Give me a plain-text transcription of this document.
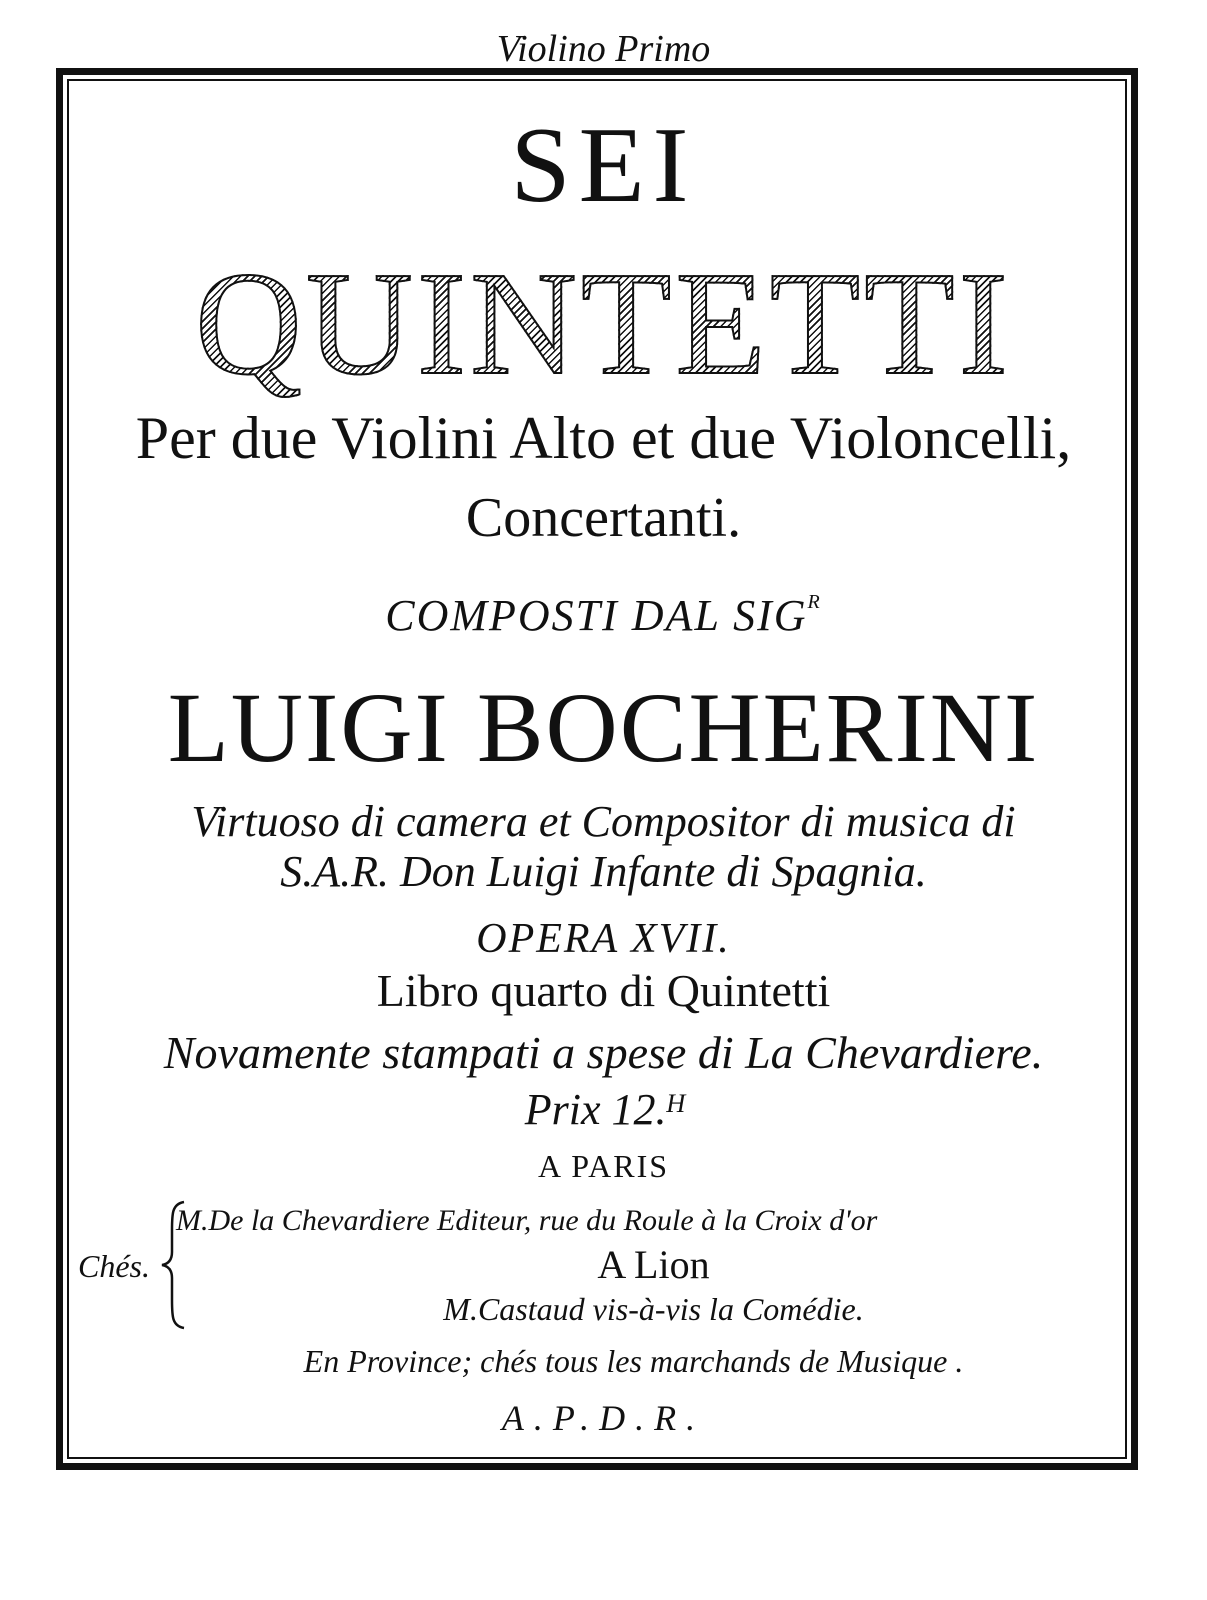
Violino Primo

SEI

QUINTETTI

Per due Violini Alto et due Violoncelli,

Concertanti.

COMPOSTI DAL $SIG^R$

LUIGI BOCHERINI

Virtuoso di camera et Compositor di musica di

S.A.R. Don Luigi Infante di Spagnia.

OPERA XVII.

Libro quarto di Quintetti

Novamente stampati a spese di La Chevardiere.

Prix 12.ᴴ

A PARIS

Chés.

M.De la Chevardiere Editeur, rue du Roule à la Croix d'or

A Lion

M.Castaud vis-à-vis la Comédie.

En Province; chés tous les marchands de Musique .

A.P.D.R.
